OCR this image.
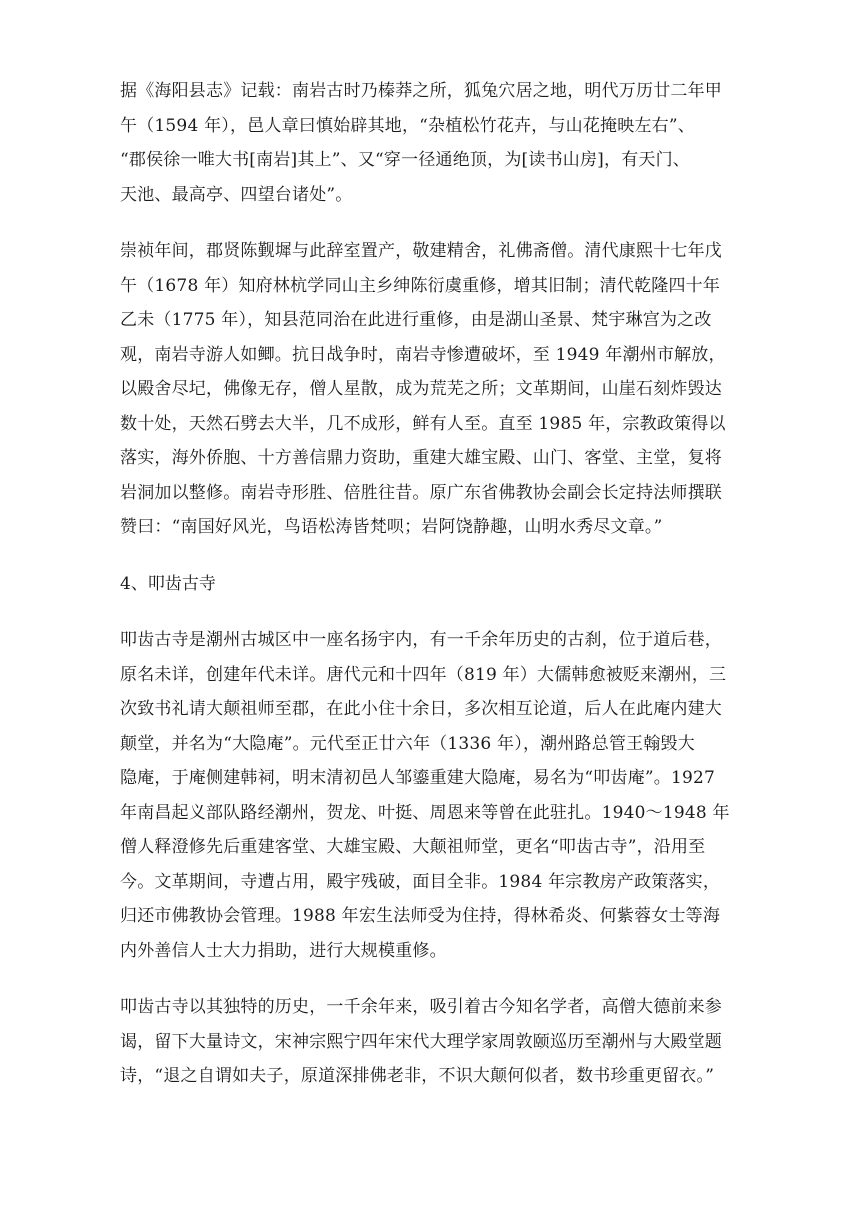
据《海阳县志》记载：南岩古时乃榛莽之所，狐兔穴居之地，明代万历廿二年甲
午（1594 年），邑人章曰慎始辟其地，“杂植松竹花卉，与山花掩映左右”、
“郡侯徐一唯大书[南岩]其上”、又“穿一径通绝顶，为[读书山房]，有天门、
天池、最高亭、四望台诸处”。

崇祯年间，郡贤陈觐墀与此辞室置产，敬建精舍，礼佛斋僧。清代康熙十七年戊
午（1678 年）知府林杭学同山主乡绅陈衍虞重修，增其旧制；清代乾隆四十年
乙未（1775 年），知县范同治在此进行重修，由是湖山圣景、梵宇琳宫为之改
观，南岩寺游人如鲫。抗日战争时，南岩寺惨遭破坏，至 1949 年潮州市解放，
以殿舍尽圮，佛像无存，僧人星散，成为荒芜之所；文革期间，山崖石刻炸毁达
数十处，天然石劈去大半，几不成形，鲜有人至。直至 1985 年，宗教政策得以
落实，海外侨胞、十方善信鼎力资助，重建大雄宝殿、山门、客堂、主堂，复将
岩洞加以整修。南岩寺形胜、倍胜往昔。原广东省佛教协会副会长定持法师撰联
赞曰：“南国好风光，鸟语松涛皆梵呗；岩阿饶静趣，山明水秀尽文章。”

4、叩齿古寺

叩齿古寺是潮州古城区中一座名扬宇内，有一千余年历史的古刹，位于道后巷，
原名未详，创建年代未详。唐代元和十四年（819 年）大儒韩愈被贬来潮州，三
次致书礼请大颠祖师至郡，在此小住十余日，多次相互论道，后人在此庵内建大
颠堂，并名为“大隐庵”。元代至正廿六年（1336 年），潮州路总管王翰毁大
隐庵，于庵侧建韩祠，明末清初邑人邹鎏重建大隐庵，易名为“叩齿庵”。1927
年南昌起义部队路经潮州，贺龙、叶挺、周恩来等曾在此驻扎。1940～1948 年
僧人释澄修先后重建客堂、大雄宝殿、大颠祖师堂，更名“叩齿古寺”，沿用至
今。文革期间，寺遭占用，殿宇残破，面目全非。1984 年宗教房产政策落实，
归还市佛教协会管理。1988 年宏生法师受为住持，得林希炎、何紫蓉女士等海
内外善信人士大力捐助，进行大规模重修。

叩齿古寺以其独特的历史，一千余年来，吸引着古今知名学者，高僧大德前来参
谒，留下大量诗文，宋神宗熙宁四年宋代大理学家周敦颐巡历至潮州与大殿堂题
诗，“退之自谓如夫子，原道深排佛老非，不识大颠何似者，数书珍重更留衣。”
